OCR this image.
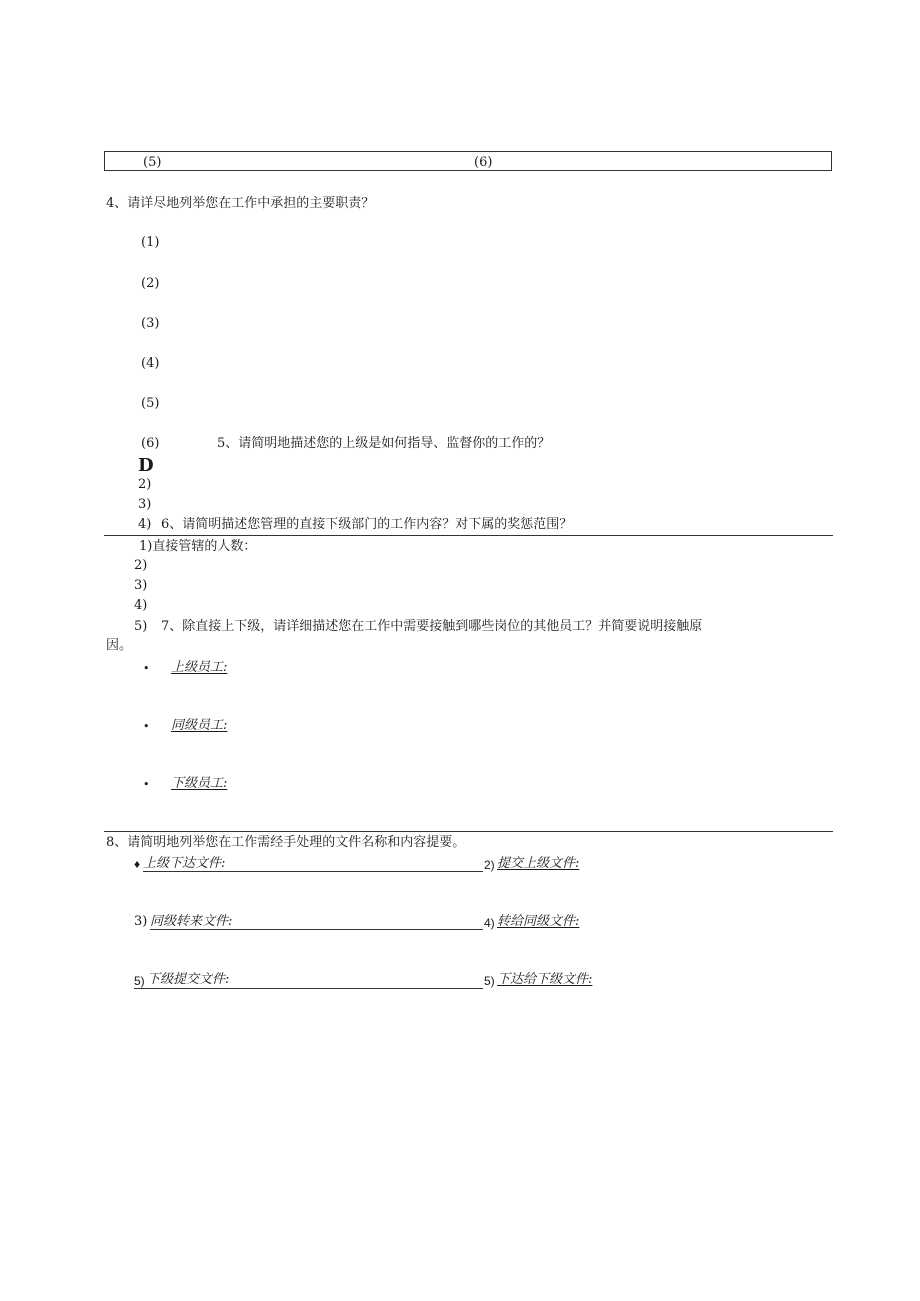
(5)	(6)
4、请详尽地列举您在工作中承担的主要职责？
(1)
(2)
(3)
(4)
(5)
(6)	5、请简明地描述您的上级是如何指导、监督你的工作的？
D
2)
3)
4) 6、请简明描述您管理的直接下级部门的工作内容？对下属的奖惩范围？
1)直接管辖的人数：
2)
3)
4)
5) 7、除直接上下级，请详细描述您在工作中需要接触到哪些岗位的其他员工？并简要说明接触原
因。
• 上级员工:
• 同级员工:
• 下级员工:
8、请简明地列举您在工作需经手处理的文件名称和内容提要。
♦ 上级下达文件:	2) 提交上级文件:
3) 同级转来文件:	4) 转给同级文件:
5) 下级提交文件:	5) 下达给下级文件:
